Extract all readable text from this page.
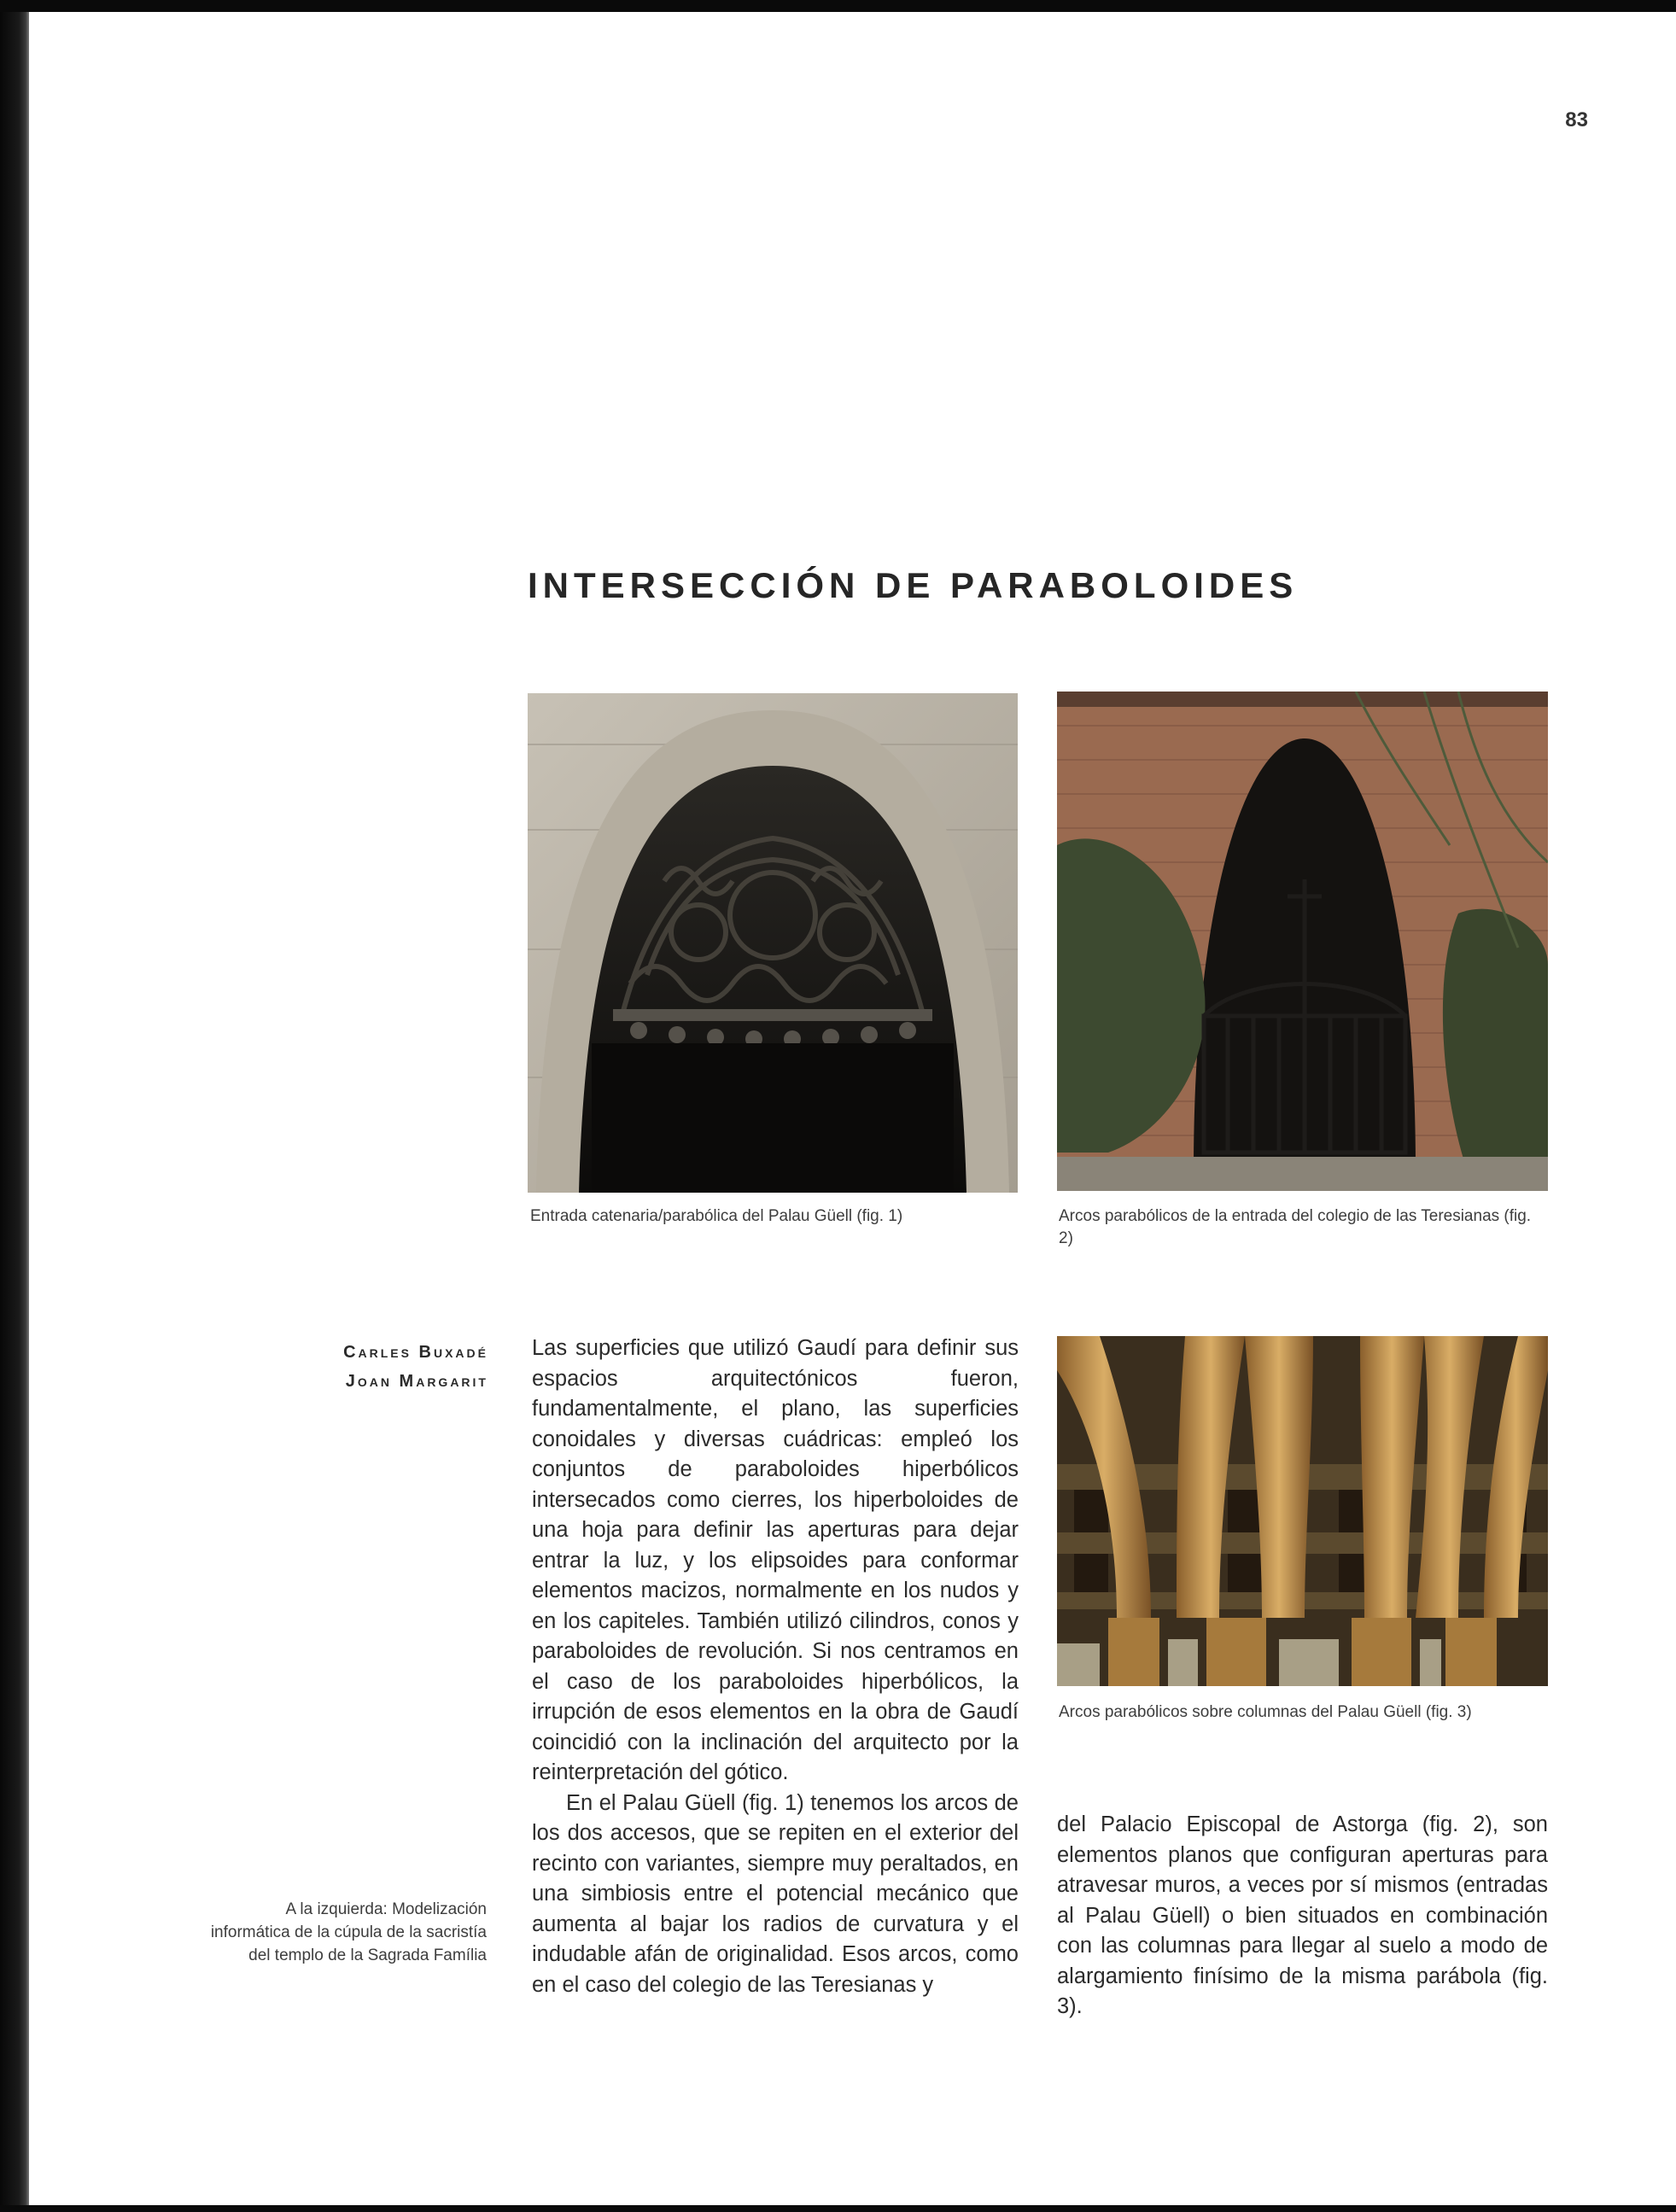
83
INTERSECCIÓN DE PARABOLOIDES
Entrada catenaria/parabólica del Palau Güell (fig. 1)	Arcos parabólicos de la entrada del colegio de las Teresianas (fig. 2)
Arcos parabólicos sobre columnas del Palau Güell (fig. 3)
Carles Buxadé
Joan Margarit
A la izquierda: Modelización informática de la cúpula de la sacristía del templo de la Sagrada Família

Las superficies que utilizó Gaudí para definir sus espacios arquitectónicos fueron, fundamentalmente, el plano, las superficies conoidales y diversas cuádricas: empleó los conjuntos de paraboloides hiperbólicos intersecados como cierres, los hiperboloides de una hoja para definir las aperturas para dejar entrar la luz, y los elipsoides para conformar elementos macizos, normalmente en los nudos y en los capiteles. También utilizó cilindros, conos y paraboloides de revolución. Si nos centramos en el caso de los paraboloides hiperbólicos, la irrupción de esos elementos en la obra de Gaudí coincidió con la inclinación del arquitecto por la reinterpretación del gótico.

En el Palau Güell (fig. 1) tenemos los arcos de los dos accesos, que se repiten en el exterior del recinto con variantes, siempre muy peraltados, en una simbiosis entre el potencial mecánico que aumenta al bajar los radios de curvatura y el indudable afán de originalidad. Esos arcos, como en el caso del colegio de las Teresianas y

del Palacio Episcopal de Astorga (fig. 2), son elementos planos que configuran aperturas para atravesar muros, a veces por sí mismos (entradas al Palau Güell) o bien situados en combinación con las columnas para llegar al suelo a modo de alargamiento finísimo de la misma parábola (fig. 3).
